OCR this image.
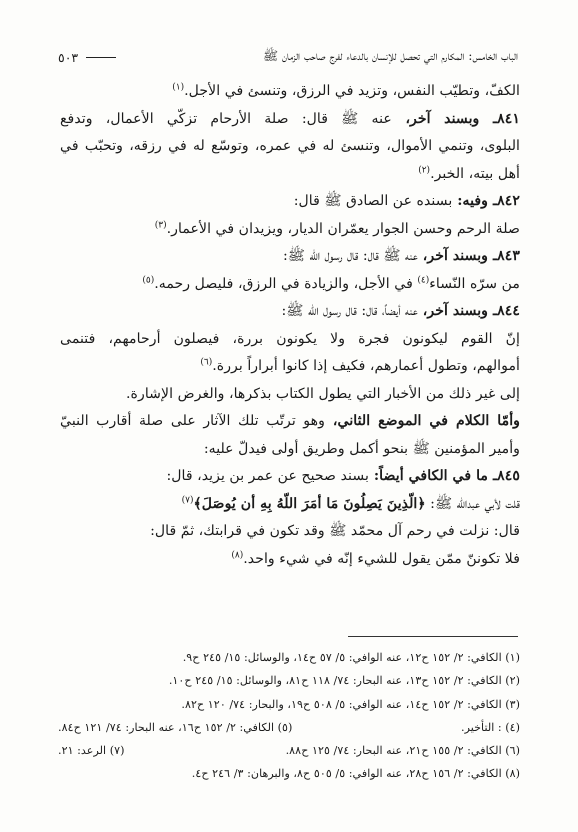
الباب الخامس: المكارم التي تحصل للإنسان بالدعاء لفرج صاحب الزمان ﷺ
٥٠٣
الكفّ، وتطيّب النفس، وتزيد في الرزق، وتنسئ في الأجل.$^{(١)}$
٨٤١ـ وبسند آخر، عنه ﷺ قال: صلة الأرحام تزكّي الأعمال، وتدفع
البلوى، وتنمي الأموال، وتنسئ له في عمره، وتوسّع له في رزقه، وتحبّب في
أهل بيته، الخبر.$^{(٢)}$
٨٤٢ـ وفيه: بسنده عن الصادق ﷺ قال:
صلة الرحم وحسن الجوار يعمّران الديار، ويزيدان في الأعمار.$^{(٣)}$
٨٤٣ـ وبسند آخر، عنه ﷺ قال: قال رسول الله ﷺ:
من سرّه النّساء$^{(٤)}$ في الأجل، والزيادة في الرزق، فليصل رحمه.$^{(٥)}$
٨٤٤ـ وبسند آخر، عنه أيضاً، قال: قال رسول الله ﷺ:
إنّ القوم ليكونون فجرة ولا يكونون بررة، فيصلون أرحامهم، فتنمى
أموالهم، وتطول أعمارهم، فكيف إذا كانوا أبراراً بررة.$^{(٦)}$
إلى غير ذلك من الأخبار التي يطول الكتاب بذكرها، والغرض الإشارة.
وأمّا الكلام في الموضع الثاني، وهو ترتّب تلك الآثار على صلة أقارب النبيّ
وأمير المؤمنين ﷺ بنحو أكمل وطريق أولى فيدلّ عليه:
٨٤٥ـ ما في الكافي أيضاً: بسند صحيح عن عمر بن يزيد، قال:
قلت لأبي عبدالله ﷺ: ﴿الّذِينَ يَصِلُونَ مَا أمَرَ اللّهُ بِهِ أن يُوصَلَ﴾$^{(٧)}$
قال: نزلت في رحم آل محمّد ﷺ وقد تكون في قرابتك، ثمّ قال:
فلا تكوننّ ممّن يقول للشيء إنّه في شيء واحد.$^{(٨)}$
(١) الكافي: ٢/ ١٥٢ ح١٢، عنه الوافي: ٥/ ٥٧ ح١٤، والوسائل: ١٥/ ٢٤٥ ح٩.
(٢) الكافي: ٢/ ١٥٢ ح١٣، عنه البحار: ٧٤/ ١١٨ ح٨١، والوسائل: ١٥/ ٢٤٥ ح١٠.
(٣) الكافي: ٢/ ١٥٢ ح١٤، عنه الوافي: ٥/ ٥٠٨ ح١٩، والبحار: ٧٤/ ١٢٠ ح٨٢.
(٤) : التأخير.
(٥) الكافي: ٢/ ١٥٢ ح١٦، عنه البحار: ٧٤/ ١٢١ ح٨٤.
(٦) الكافي: ٢/ ١٥٥ ح٢١، عنه البحار: ٧٤/ ١٢٥ ح٨٨.
(٧) الرعد: ٢١.
(٨) الكافي: ٢/ ١٥٦ ح٢٨، عنه الوافي: ٥/ ٥٠٥ ح٨، والبرهان: ٣/ ٢٤٦ ح٤.
